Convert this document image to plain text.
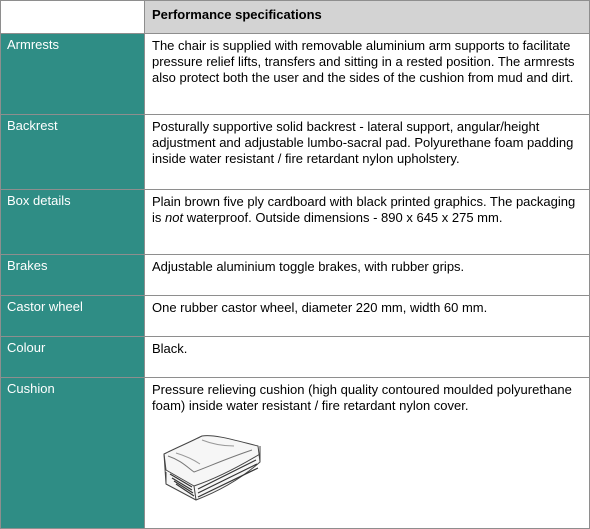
	Performance specifications
Armrests	The chair is supplied with removable aluminium arm supports to facilitate pressure relief lifts, transfers and sitting in a rested position. The armrests also protect both the user and the sides of the cushion from mud and dirt.
Backrest	Posturally supportive solid backrest - lateral support, angular/height adjustment and adjustable lumbo-sacral pad. Polyurethane foam padding inside water resistant / fire retardant nylon upholstery.
Box details	Plain brown five ply cardboard with black printed graphics. The packaging is not waterproof. Outside dimensions - 890 x 645 x 275 mm.
Brakes	Adjustable aluminium toggle brakes, with rubber grips.
Castor wheel	One rubber castor wheel, diameter 220 mm, width 60 mm.
Colour	Black.
Cushion	Pressure relieving cushion (high quality contoured moulded polyurethane foam) inside water resistant / fire retardant nylon cover.
